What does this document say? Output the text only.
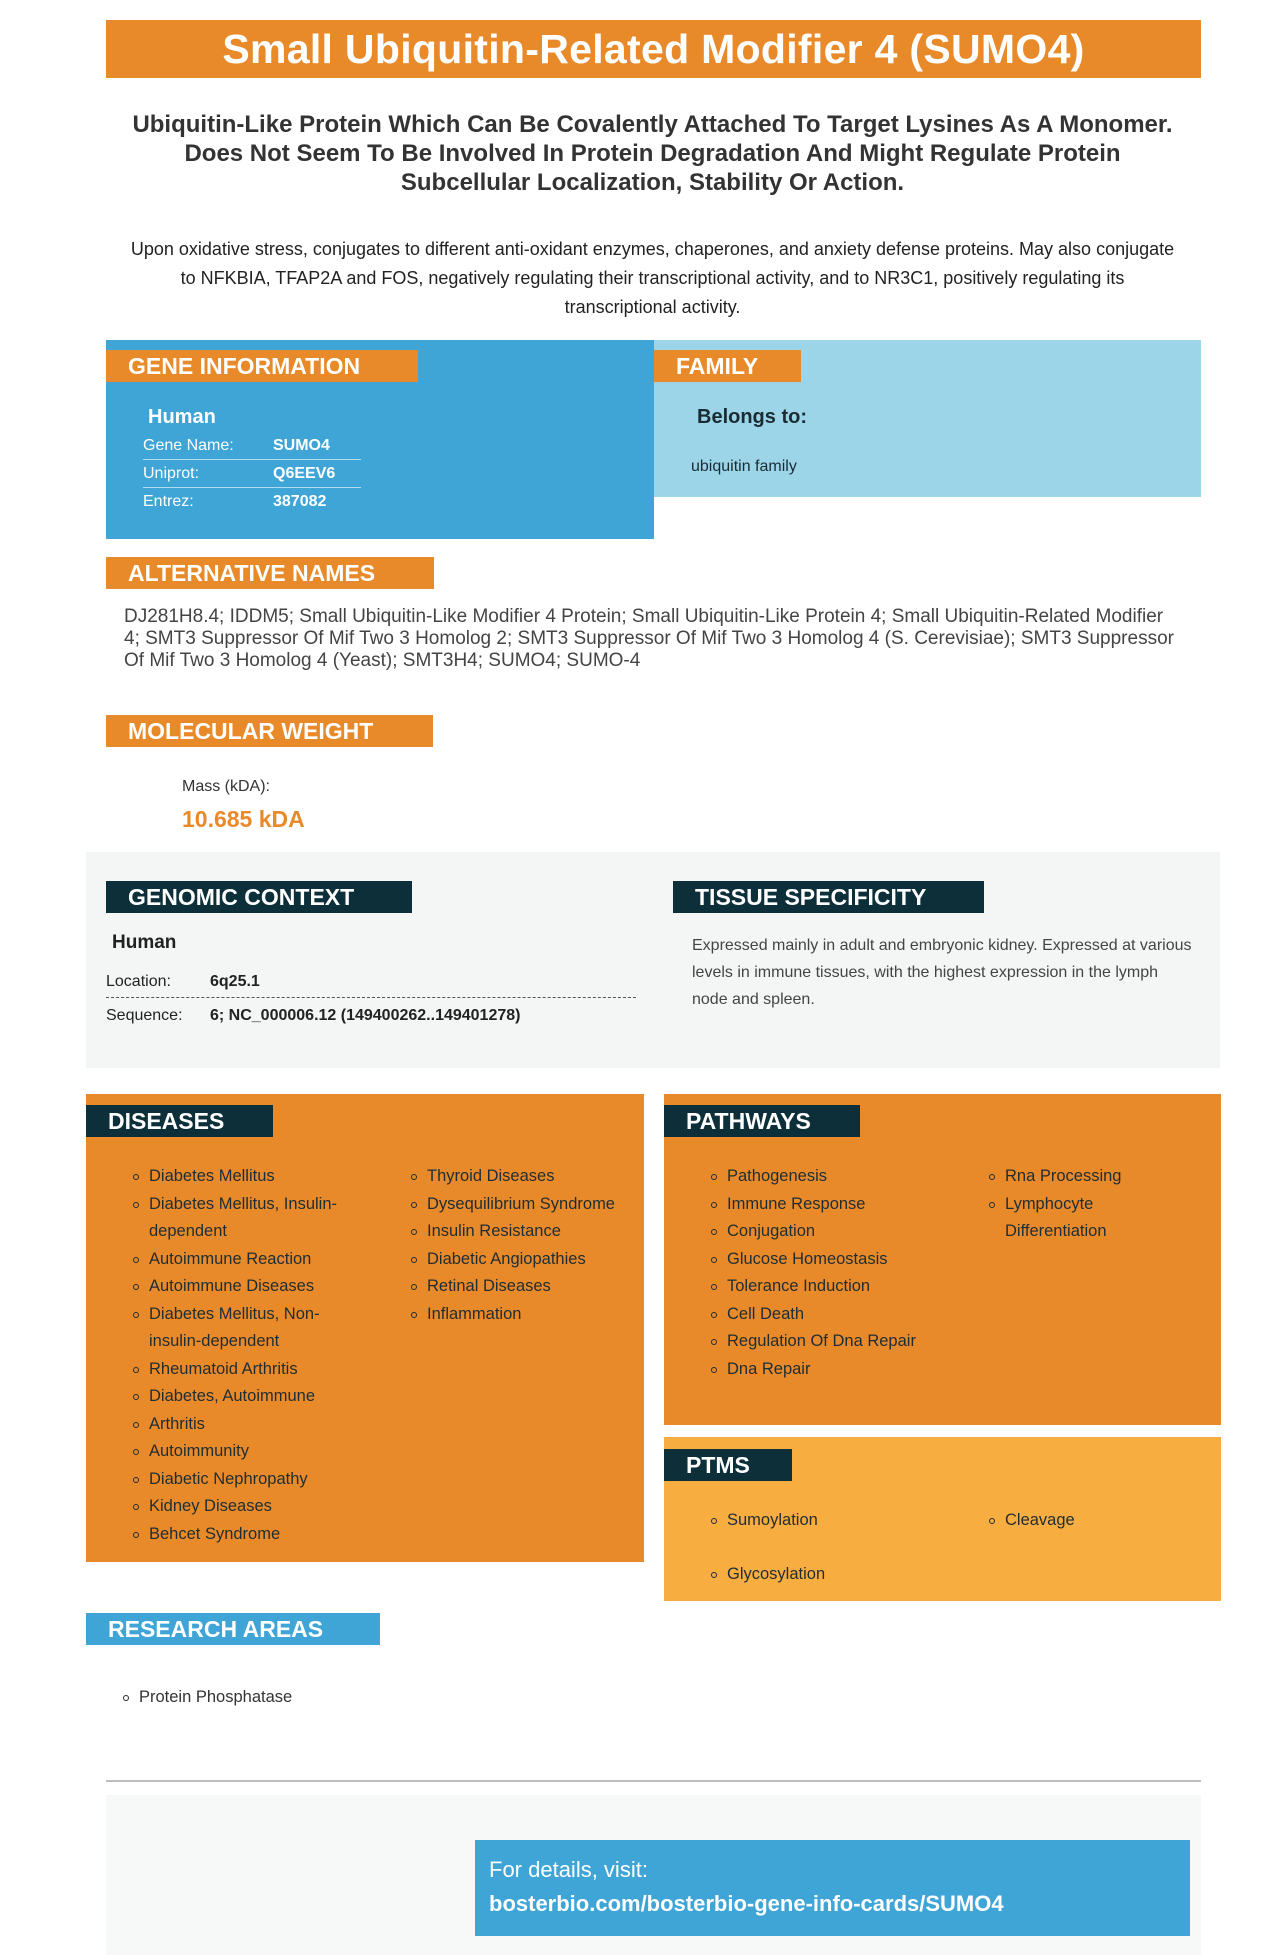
Small Ubiquitin-Related Modifier 4 (SUMO4)
Ubiquitin-Like Protein Which Can Be Covalently Attached To Target Lysines As A Monomer. Does Not Seem To Be Involved In Protein Degradation And Might Regulate Protein Subcellular Localization, Stability Or Action.
Upon oxidative stress, conjugates to different anti-oxidant enzymes, chaperones, and anxiety defense proteins. May also conjugate to NFKBIA, TFAP2A and FOS, negatively regulating their transcriptional activity, and to NR3C1, positively regulating its transcriptional activity.
GENE INFORMATION	FAMILY
Human
Gene Name: SUMO4
Uniprot:	Q6EEV6
Entrez:	387082
Belongs to:
ubiquitin family
ALTERNATIVE NAMES
DJ281H8.4; IDDM5; Small Ubiquitin-Like Modifier 4 Protein; Small Ubiquitin-Like Protein 4; Small Ubiquitin-Related Modifier 4; SMT3 Suppressor Of Mif Two 3 Homolog 2; SMT3 Suppressor Of Mif Two 3 Homolog 4 (S. Cerevisiae); SMT3 Suppressor Of Mif Two 3 Homolog 4 (Yeast); SMT3H4; SUMO4; SUMO-4
MOLECULAR WEIGHT
Mass (kDA):
10.685 kDA
GENOMIC CONTEXT	TISSUE SPECIFICITY
Human
Location: 6q25.1
Sequence: 6; NC_000006.12 (149400262..149401278)
Expressed mainly in adult and embryonic kidney. Expressed at various levels in immune tissues, with the highest expression in the lymph node and spleen.
DISEASES
Diabetes Mellitus
Diabetes Mellitus, Insulin-dependent
Autoimmune Reaction
Autoimmune Diseases
Diabetes Mellitus, Non-insulin-dependent
Rheumatoid Arthritis
Diabetes, Autoimmune
Arthritis
Autoimmunity
Diabetic Nephropathy
Kidney Diseases
Behcet Syndrome
Thyroid Diseases
Dysequilibrium Syndrome
Insulin Resistance
Diabetic Angiopathies
Retinal Diseases
Inflammation
PATHWAYS
Pathogenesis
Immune Response
Conjugation
Glucose Homeostasis
Tolerance Induction
Cell Death
Regulation Of Dna Repair
Dna Repair
Rna Processing
Lymphocyte Differentiation
PTMS
Sumoylation
Glycosylation
Cleavage
RESEARCH AREAS
Protein Phosphatase
For details, visit:
bosterbio.com/bosterbio-gene-info-cards/SUMO4
